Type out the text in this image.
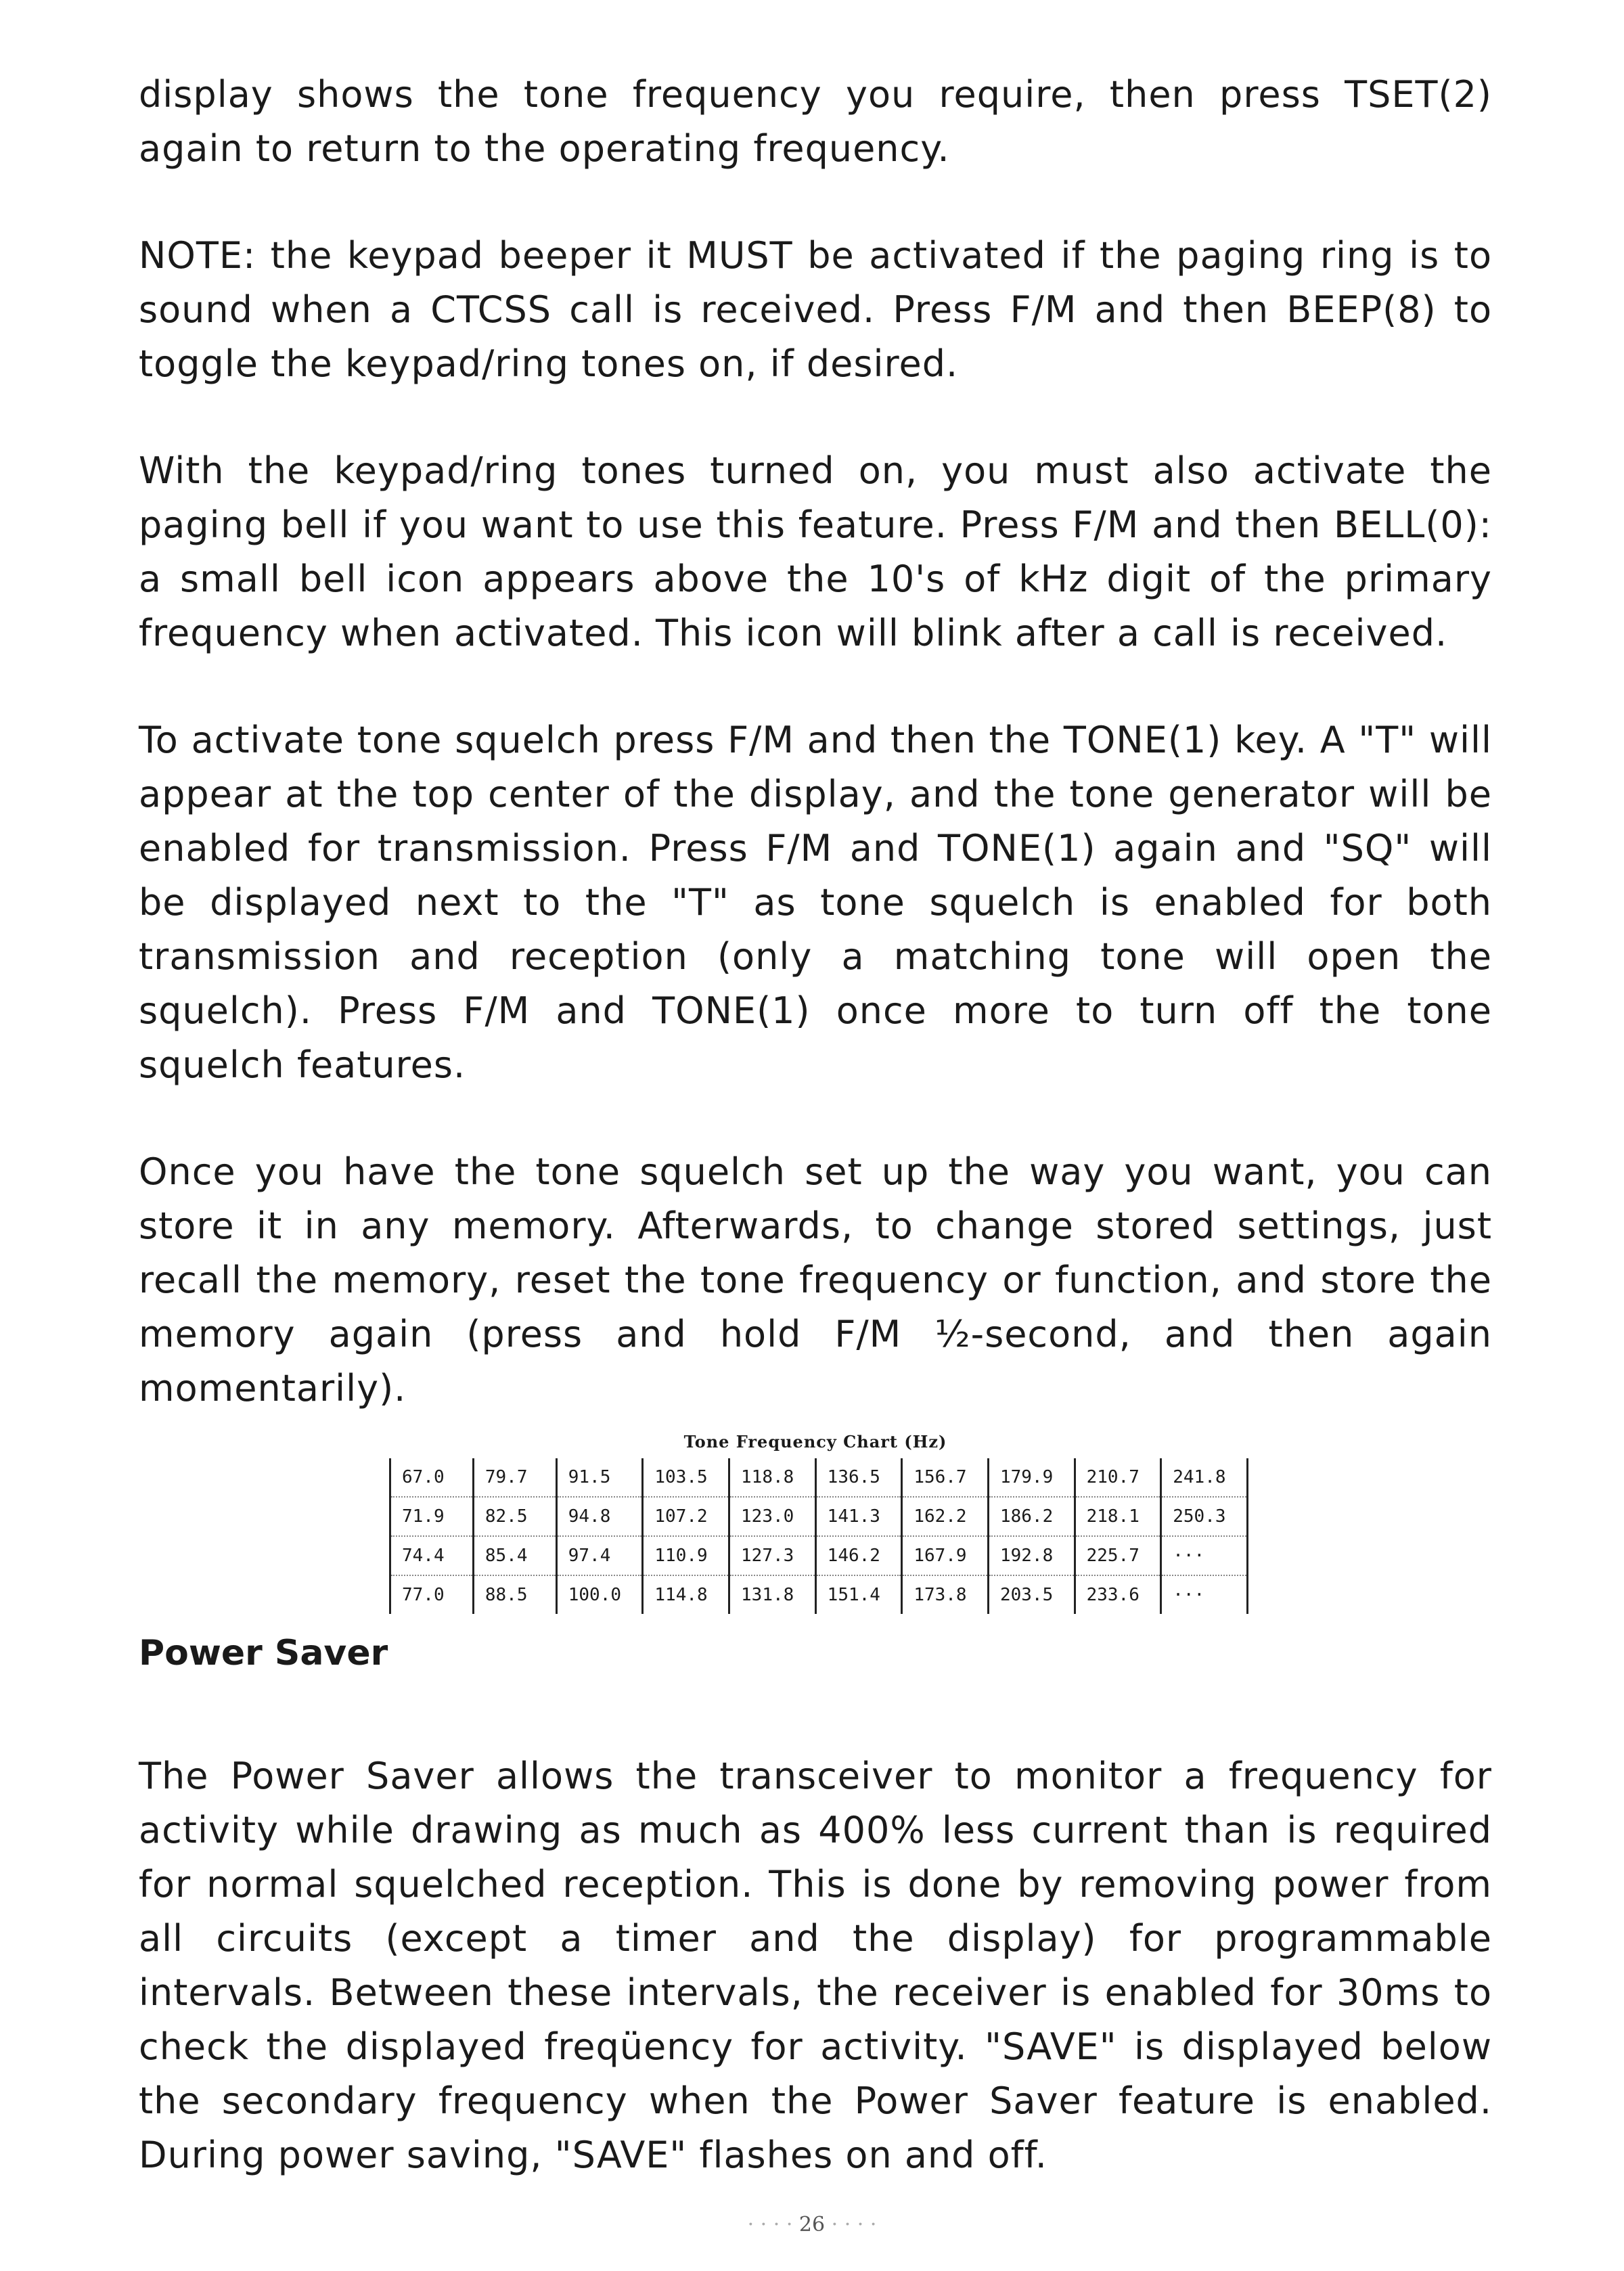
display shows the tone frequency you require, then press TSET(2) again to return to the operating frequency.

NOTE: the keypad beeper it MUST be activated if the paging ring is to sound when a CTCSS call is received. Press F/M and then BEEP(8) to toggle the keypad/ring tones on, if desired.

With the keypad/ring tones turned on, you must also activate the paging bell if you want to use this feature. Press F/M and then BELL(0): a small bell icon appears above the 10's of kHz digit of the primary frequency when activated. This icon will blink after a call is received.

To activate tone squelch press F/M and then the TONE(1) key. A "T" will appear at the top center of the display, and the tone generator will be enabled for transmission. Press F/M and TONE(1) again and "SQ" will be displayed next to the "T" as tone squelch is enabled for both transmission and reception (only a matching tone will open the squelch). Press F/M and TONE(1) once more to turn off the tone squelch features.

Once you have the tone squelch set up the way you want, you can store it in any memory. Afterwards, to change stored settings, just recall the memory, reset the tone frequency or function, and store the memory again (press and hold F/M ½-second, and then again momentarily).

Tone Frequency Chart (Hz)
67.0	79.7	91.5	103.5	118.8	136.5	156.7	179.9	210.7	241.8
71.9	82.5	94.8	107.2	123.0	141.3	162.2	186.2	218.1	250.3
74.4	85.4	97.4	110.9	127.3	146.2	167.9	192.8	225.7	···
77.0	88.5	100.0	114.8	131.8	151.4	173.8	203.5	233.6	···
Power Saver

The Power Saver allows the transceiver to monitor a frequency for activity while drawing as much as 400% less current than is required for normal squelched reception. This is done by removing power from all circuits (except a timer and the display) for programmable intervals. Between these intervals, the receiver is enabled for 30ms to check the displayed freqüency for activity. "SAVE" is displayed below the secondary frequency when the Power Saver feature is enabled. During power saving, "SAVE" flashes on and off.

· · · · 26 · · · ·
